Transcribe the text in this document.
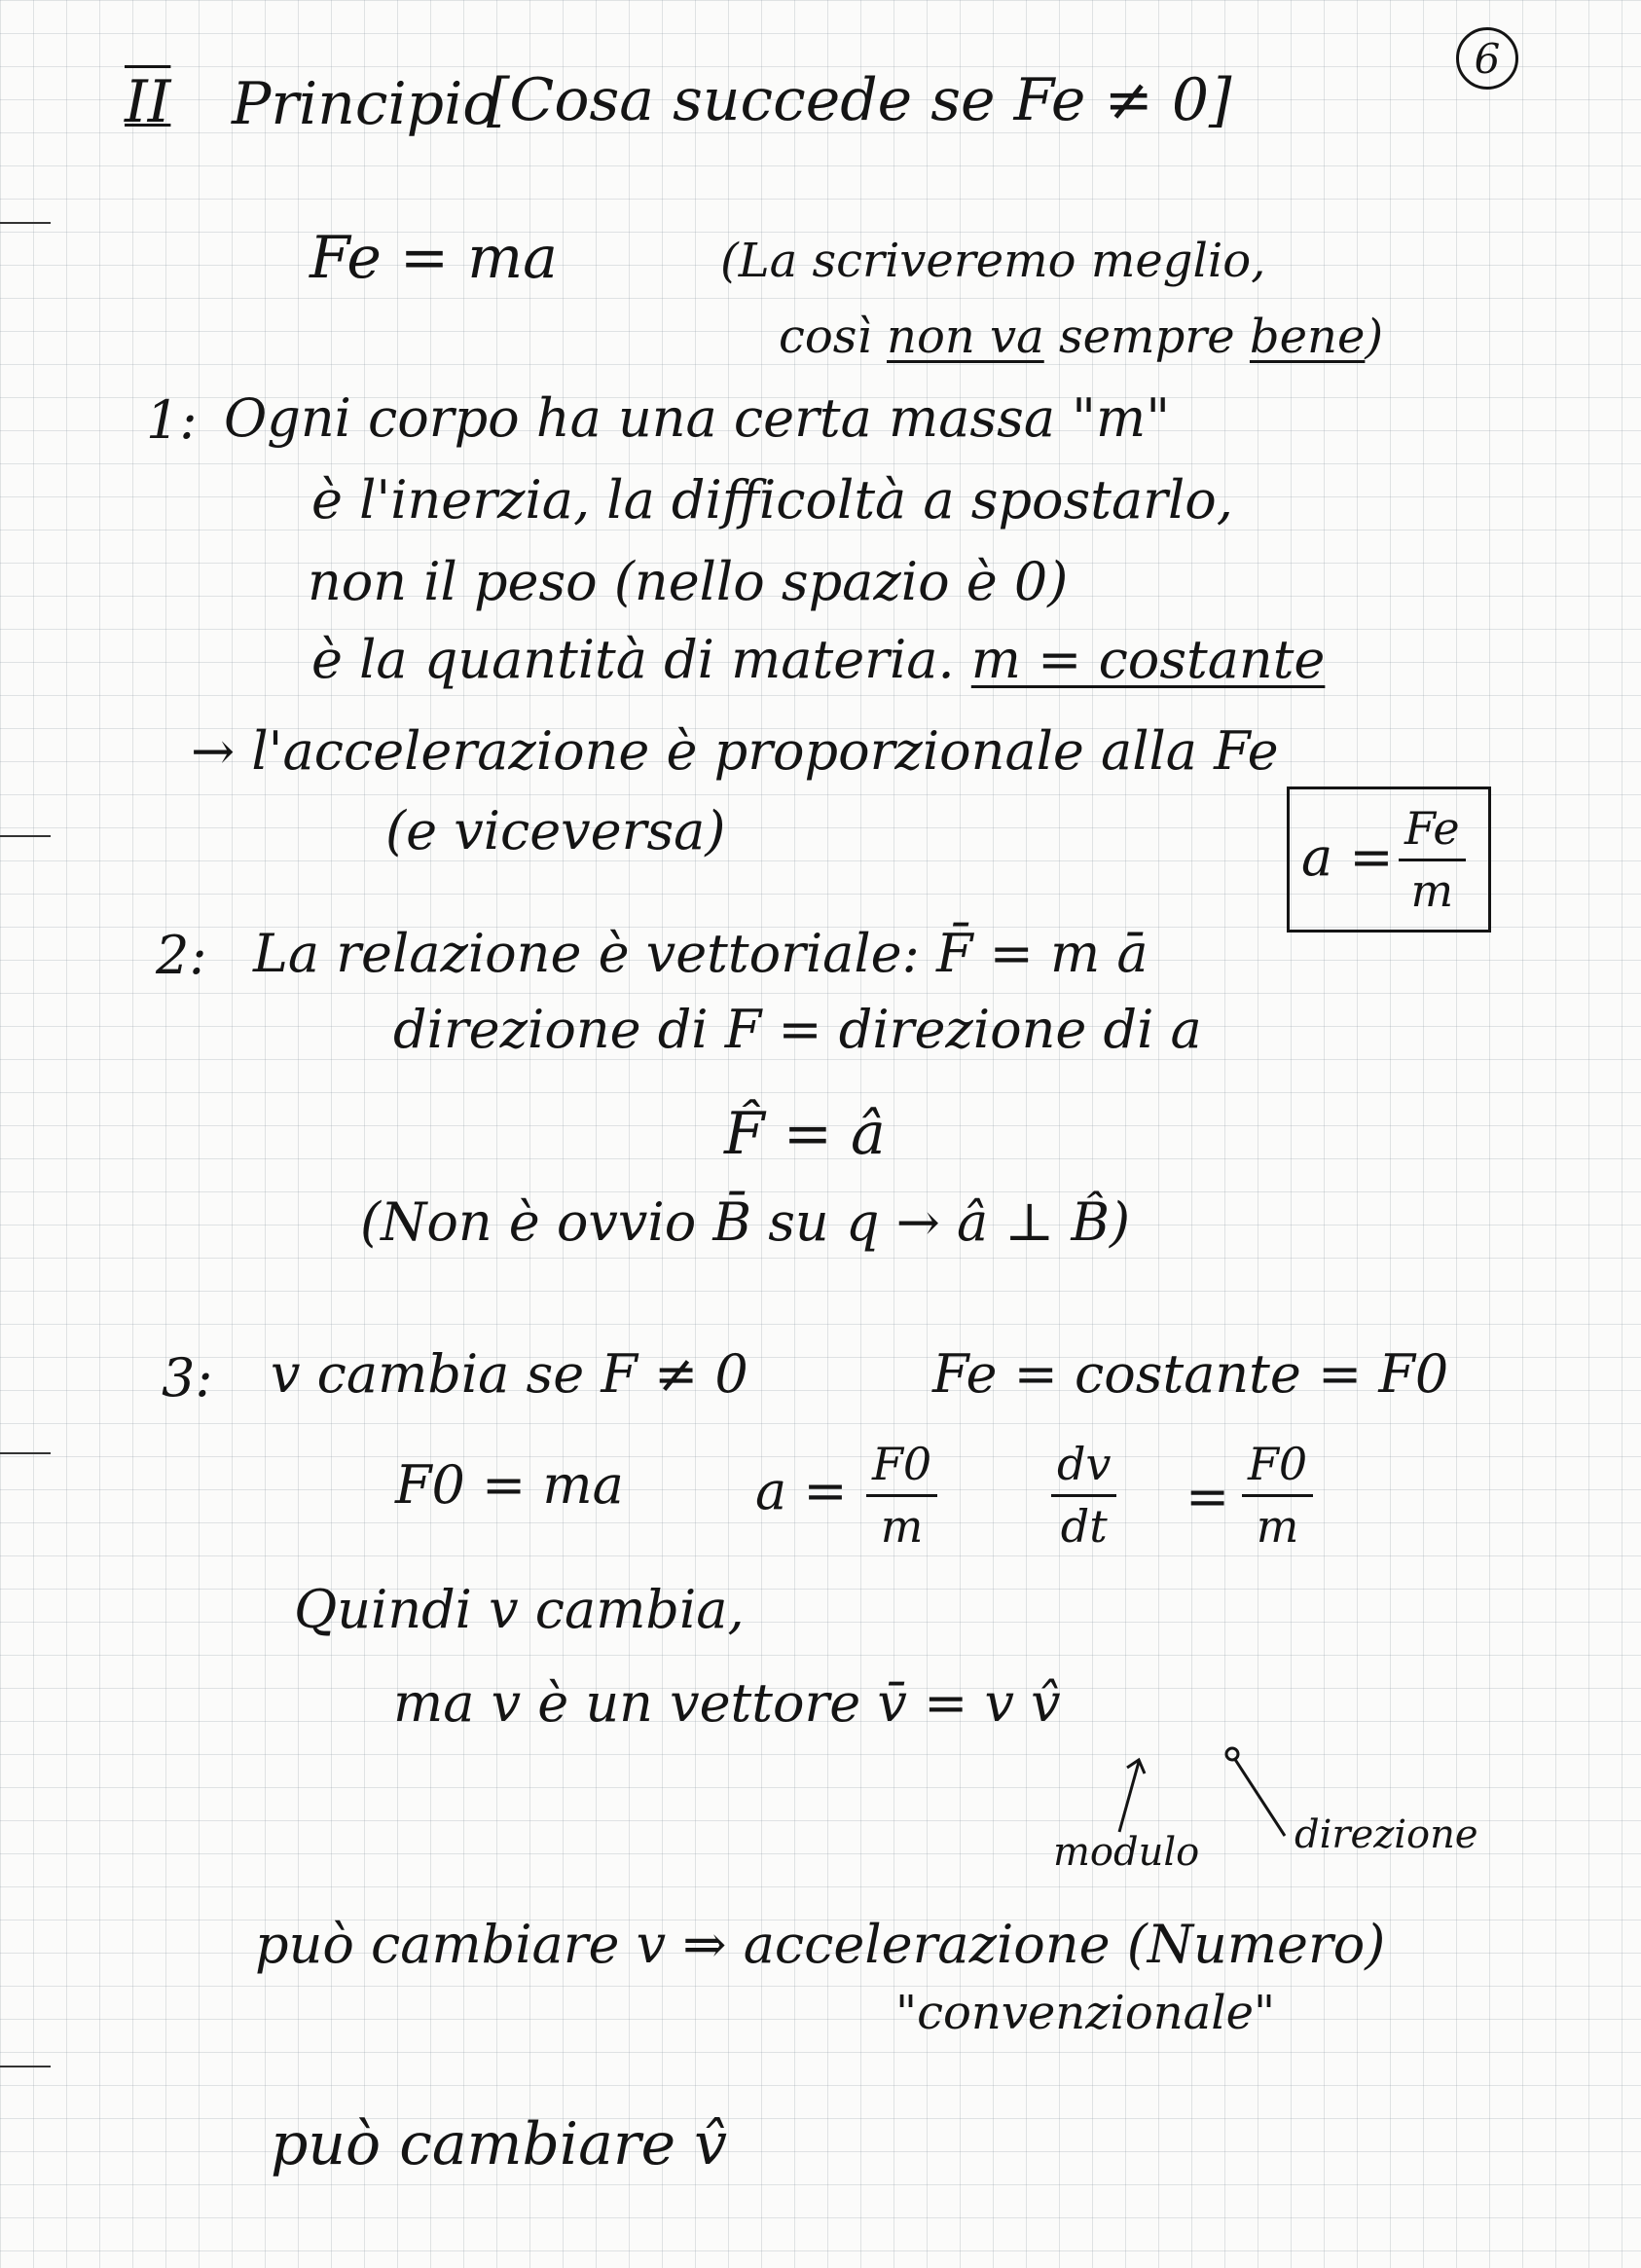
6
II Principio
[Cosa succede se Fe ≠ 0]
Fe = ma	(La scriveremo meglio,
così non va sempre bene)
1: Ogni corpo ha una certa massa "m"
è l'inerzia, la difficoltà a spostarlo,
non il peso (nello spazio è 0)
è la quantità di materia. m = costante
→ l'accelerazione è proporzionale alla Fe
(e viceversa)	a = Fe
m
2: La relazione è vettoriale: F̄ = m ā
direzione di F = direzione di a
F̂ = â
(Non è ovvio B̄ su q → â ⊥ B̂)
3: v cambia se F ≠ 0	Fe = costante = F0
F0 = ma	a = F0
m
dv
dt =
F0
m
Quindi v cambia,
ma v è un vettore v̄ = v v̂
modulo direzione
può cambiare v ⇒ accelerazione (Numero)
"convenzionale"
può cambiare v̂
